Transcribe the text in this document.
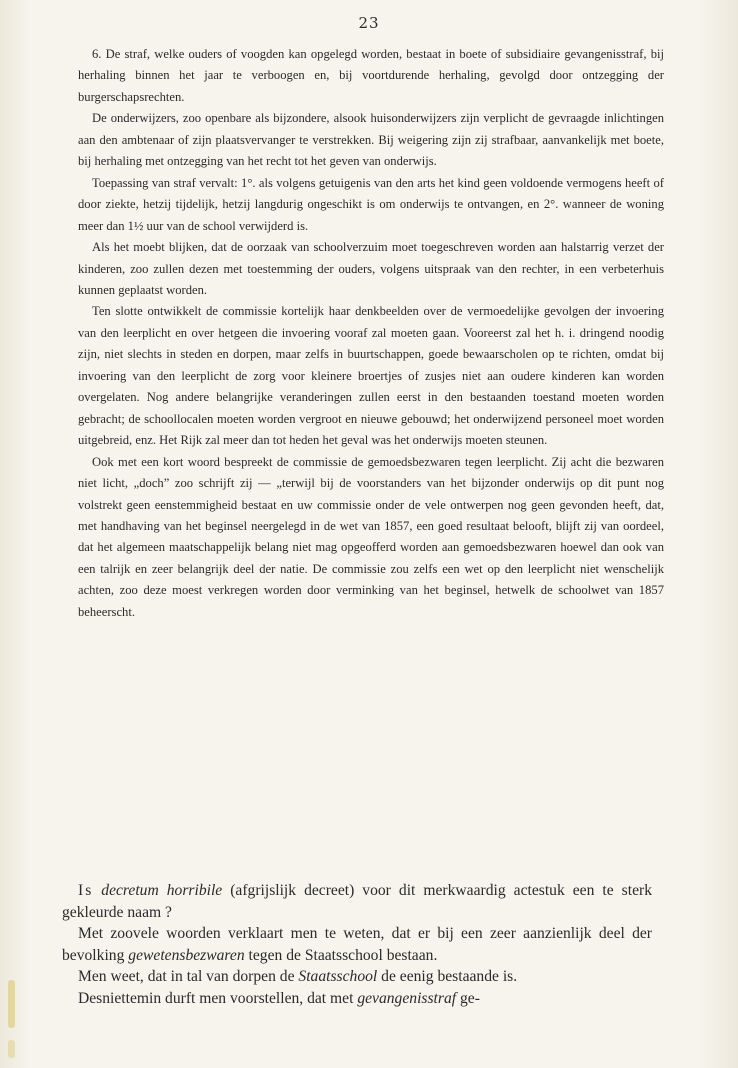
23

6. De straf, welke ouders of voogden kan opgelegd worden, bestaat in boete of subsidiaire gevangenisstraf, bij herhaling binnen het jaar te verboogen en, bij voortdurende herhaling, gevolgd door ontzegging der burgerschapsrechten.

De onderwijzers, zoo openbare als bijzondere, alsook huisonderwijzers zijn verplicht de gevraagde inlichtingen aan den ambtenaar of zijn plaatsvervanger te verstrekken. Bij weigering zijn zij strafbaar, aanvankelijk met boete, bij herhaling met ontzegging van het recht tot het geven van onderwijs.

Toepassing van straf vervalt: 1°. als volgens getuigenis van den arts het kind geen voldoende vermogens heeft of door ziekte, hetzij tijdelijk, hetzij langdurig ongeschikt is om onderwijs te ontvangen, en 2°. wanneer de woning meer dan 1½ uur van de school verwijderd is.

Als het moebt blijken, dat de oorzaak van schoolverzuim moet toegeschreven worden aan halstarrig verzet der kinderen, zoo zullen dezen met toestemming der ouders, volgens uitspraak van den rechter, in een verbeterhuis kunnen geplaatst worden.

Ten slotte ontwikkelt de commissie kortelijk haar denkbeelden over de vermoedelijke gevolgen der invoering van den leerplicht en over hetgeen die invoering vooraf zal moeten gaan. Vooreerst zal het h. i. dringend noodig zijn, niet slechts in steden en dorpen, maar zelfs in buurtschappen, goede bewaarscholen op te richten, omdat bij invoering van den leerplicht de zorg voor kleinere broertjes of zusjes niet aan oudere kinderen kan worden overgelaten. Nog andere belangrijke veranderingen zullen eerst in den bestaanden toestand moeten worden gebracht; de schoollocalen moeten worden vergroot en nieuwe gebouwd; het onderwijzend personeel moet worden uitgebreid, enz. Het Rijk zal meer dan tot heden het geval was het onderwijs moeten steunen.

Ook met een kort woord bespreekt de commissie de gemoedsbezwaren tegen leerplicht. Zij acht die bezwaren niet licht, „doch” zoo schrijft zij — „terwijl bij de voorstanders van het bijzonder onderwijs op dit punt nog volstrekt geen eenstemmigheid bestaat en uw commissie onder de vele ontwerpen nog geen gevonden heeft, dat, met handhaving van het beginsel neergelegd in de wet van 1857, een goed resultaat belooft, blijft zij van oordeel, dat het algemeen maatschappelijk belang niet mag opgeofferd worden aan gemoedsbezwaren hoewel dan ook van een talrijk en zeer belangrijk deel der natie. De commissie zou zelfs een wet op den leerplicht niet wenschelijk achten, zoo deze moest verkregen worden door verminking van het beginsel, hetwelk de schoolwet van 1857 beheerscht.

Is decretum horribile (afgrijslijk decreet) voor dit merkwaardig actestuk een te sterk gekleurde naam ?

Met zoovele woorden verklaart men te weten, dat er bij een zeer aanzienlijk deel der bevolking gewetensbezwaren tegen de Staatsschool bestaan.

Men weet, dat in tal van dorpen de Staatsschool de eenig bestaande is.

Desniettemin durft men voorstellen, dat met gevangenisstraf ge-
